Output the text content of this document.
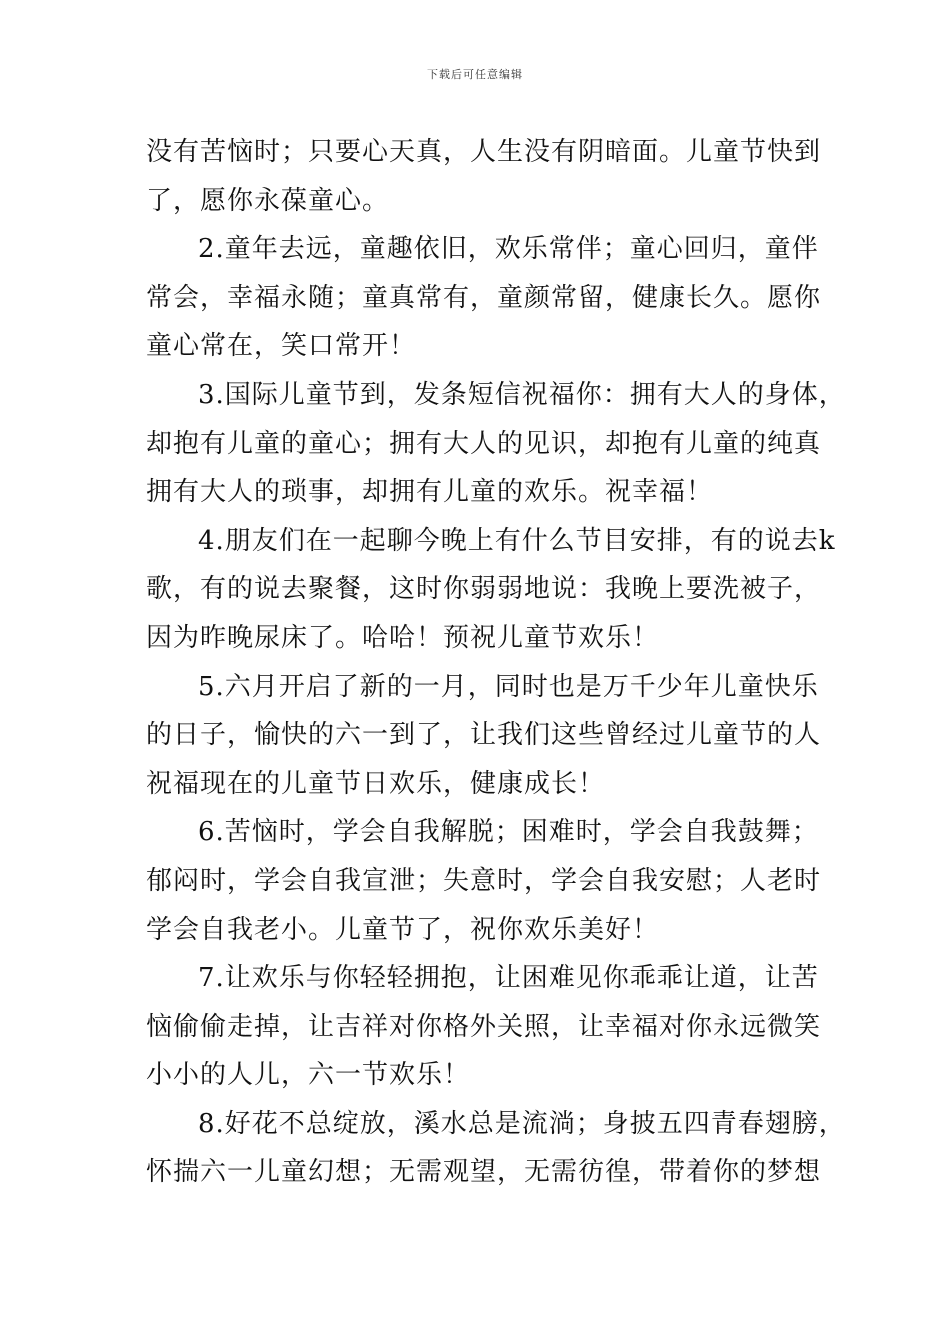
下载后可任意编辑
没有苦恼时；只要心天真，人生没有阴暗面。儿童节快到
了，愿你永葆童心。
2.童年去远，童趣依旧，欢乐常伴；童心回归，童伴
常会，幸福永随；童真常有，童颜常留，健康长久。愿你
童心常在，笑口常开！
3.国际儿童节到，发条短信祝福你：拥有大人的身体，
却抱有儿童的童心；拥有大人的见识，却抱有儿童的纯真
拥有大人的琐事，却拥有儿童的欢乐。祝幸福！
4.朋友们在一起聊今晚上有什么节目安排，有的说去k
歌，有的说去聚餐，这时你弱弱地说：我晚上要洗被子，
因为昨晚尿床了。哈哈！预祝儿童节欢乐！
5.六月开启了新的一月，同时也是万千少年儿童快乐
的日子，愉快的六一到了，让我们这些曾经过儿童节的人
祝福现在的儿童节日欢乐，健康成长！
6.苦恼时，学会自我解脱；困难时，学会自我鼓舞；
郁闷时，学会自我宣泄；失意时，学会自我安慰；人老时
学会自我老小。儿童节了，祝你欢乐美好！
7.让欢乐与你轻轻拥抱，让困难见你乖乖让道，让苦
恼偷偷走掉，让吉祥对你格外关照，让幸福对你永远微笑
小小的人儿，六一节欢乐！
8.好花不总绽放，溪水总是流淌；身披五四青春翅膀，
怀揣六一儿童幻想；无需观望，无需彷徨，带着你的梦想
